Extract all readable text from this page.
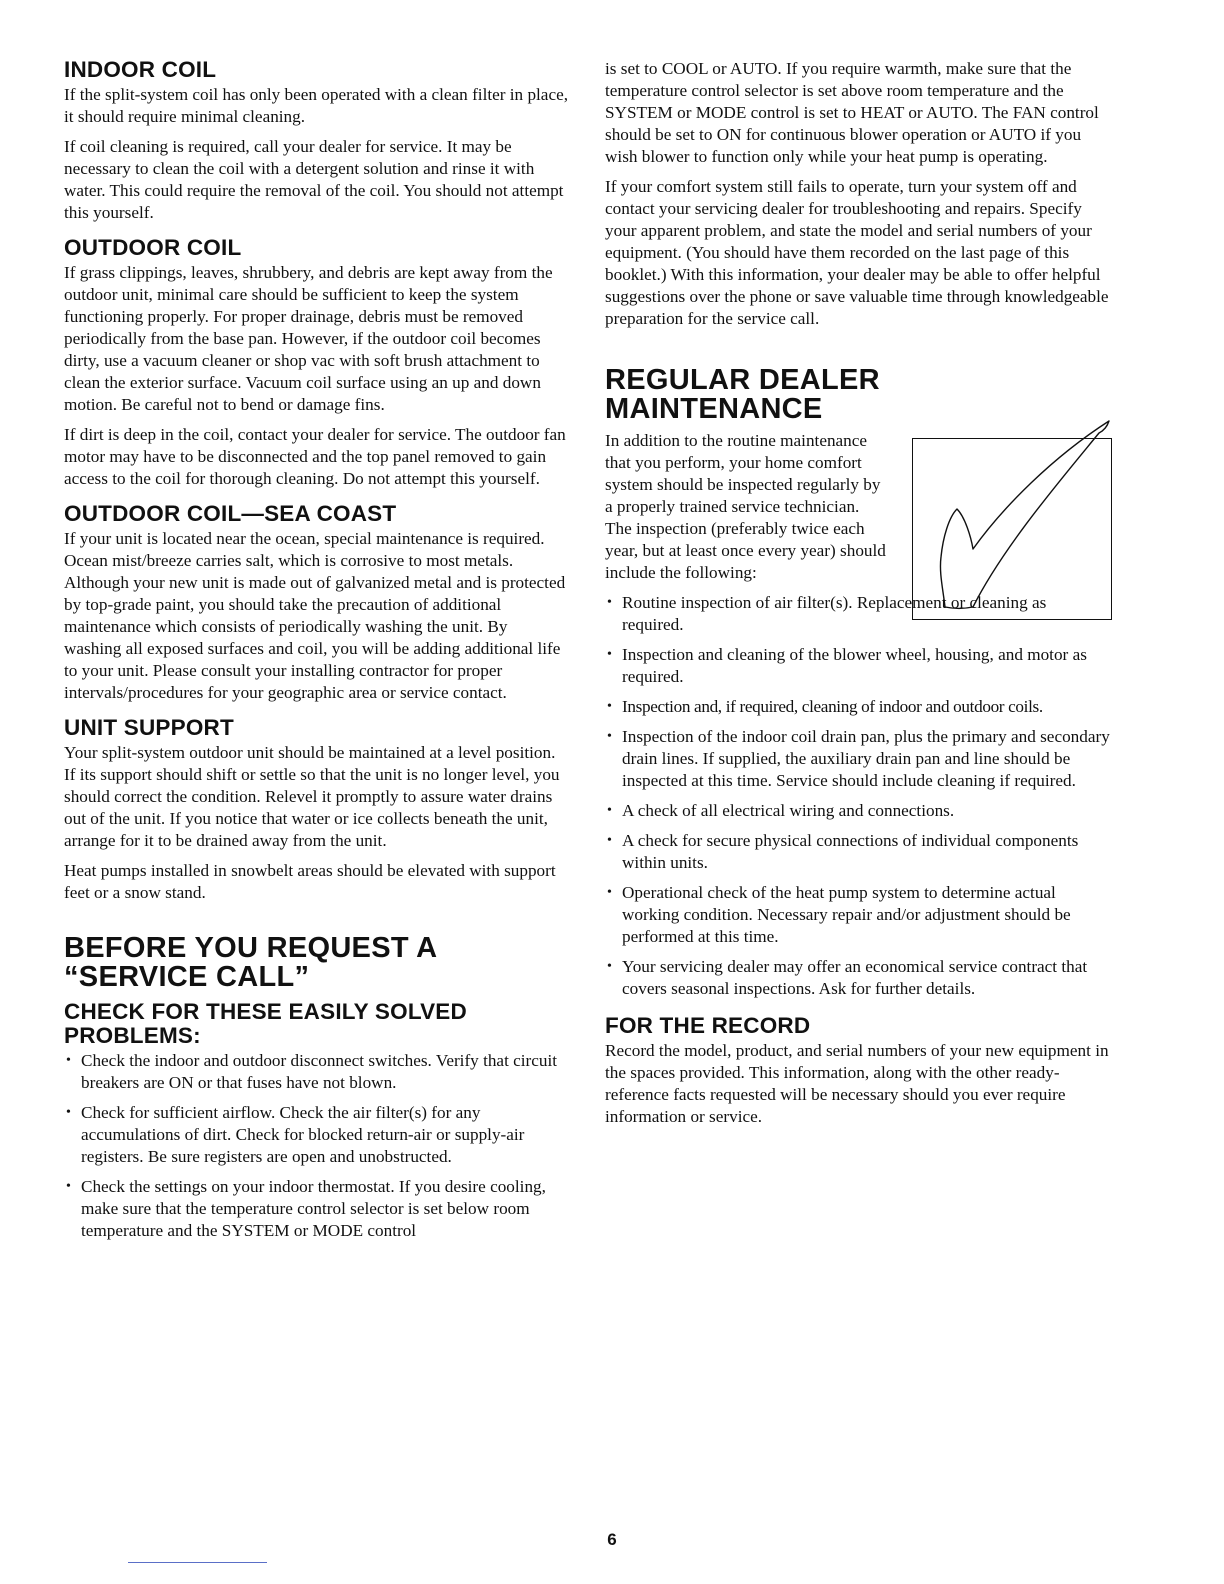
INDOOR COIL

If the split-system coil has only been operated with a clean filter in place, it should require minimal cleaning.

If coil cleaning is required, call your dealer for service. It may be necessary to clean the coil with a detergent solution and rinse it with water. This could require the removal of the coil. You should not attempt this yourself.

OUTDOOR COIL

If grass clippings, leaves, shrubbery, and debris are kept away from the outdoor unit, minimal care should be sufficient to keep the system functioning properly. For proper drainage, debris must be removed periodically from the base pan. However, if the outdoor coil becomes dirty, use a vacuum cleaner or shop vac with soft brush attachment to clean the exterior surface. Vacuum coil surface using an up and down motion. Be careful not to bend or damage fins.

If dirt is deep in the coil, contact your dealer for service. The outdoor fan motor may have to be disconnected and the top panel removed to gain access to the coil for thorough cleaning. Do not attempt this yourself.

OUTDOOR COIL—SEA COAST

If your unit is located near the ocean, special maintenance is required. Ocean mist/breeze carries salt, which is corrosive to most metals. Although your new unit is made out of galvanized metal and is protected by top-grade paint, you should take the precaution of additional maintenance which consists of periodically washing the unit. By washing all exposed surfaces and coil, you will be adding additional life to your unit. Please consult your installing contractor for proper intervals/procedures for your geographic area or service contact.

UNIT SUPPORT

Your split-system outdoor unit should be maintained at a level position. If its support should shift or settle so that the unit is no longer level, you should correct the condition. Relevel it promptly to assure water drains out of the unit. If you notice that water or ice collects beneath the unit, arrange for it to be drained away from the unit.

Heat pumps installed in snowbelt areas should be elevated with support feet or a snow stand.

BEFORE YOU REQUEST A
“SERVICE CALL”
CHECK FOR THESE EASILY SOLVED
PROBLEMS:

• Check the indoor and outdoor disconnect switches. Verify that circuit breakers are ON or that fuses have not blown.

• Check for sufficient airflow. Check the air filter(s) for any accumulations of dirt. Check for blocked return-air or supply-air registers. Be sure registers are open and unobstructed.

• Check the settings on your indoor thermostat. If you desire cooling, make sure that the temperature control selector is set below room temperature and the SYSTEM or MODE control

is set to COOL or AUTO. If you require warmth, make sure that the temperature control selector is set above room temperature and the SYSTEM or MODE control is set to HEAT or AUTO. The FAN control should be set to ON for continuous blower operation or AUTO if you wish blower to function only while your heat pump is operating.

If your comfort system still fails to operate, turn your system off and contact your servicing dealer for troubleshooting and repairs. Specify your apparent problem, and state the model and serial numbers of your equipment. (You should have them recorded on the last page of this booklet.) With this information, your dealer may be able to offer helpful suggestions over the phone or save valuable time through knowledgeable preparation for the service call.

REGULAR DEALER
MAINTENANCE

In addition to the routine maintenance that you perform, your home comfort system should be inspected regularly by a properly trained service technician. The inspection (preferably twice each year, but at least once every year) should include the following:

• Routine inspection of air filter(s). Replacement or cleaning as required.

• Inspection and cleaning of the blower wheel, housing, and motor as required.

• Inspection and, if required, cleaning of indoor and outdoor coils.

• Inspection of the indoor coil drain pan, plus the primary and secondary drain lines. If supplied, the auxiliary drain pan and line should be inspected at this time. Service should include cleaning if required.

• A check of all electrical wiring and connections.

• A check for secure physical connections of individual components within units.

• Operational check of the heat pump system to determine actual working condition. Necessary repair and/or adjustment should be performed at this time.

• Your servicing dealer may offer an economical service contract that covers seasonal inspections. Ask for further details.

FOR THE RECORD

Record the model, product, and serial numbers of your new equipment in the spaces provided. This information, along with the other ready-reference facts requested will be necessary should you ever require information or service.

6
